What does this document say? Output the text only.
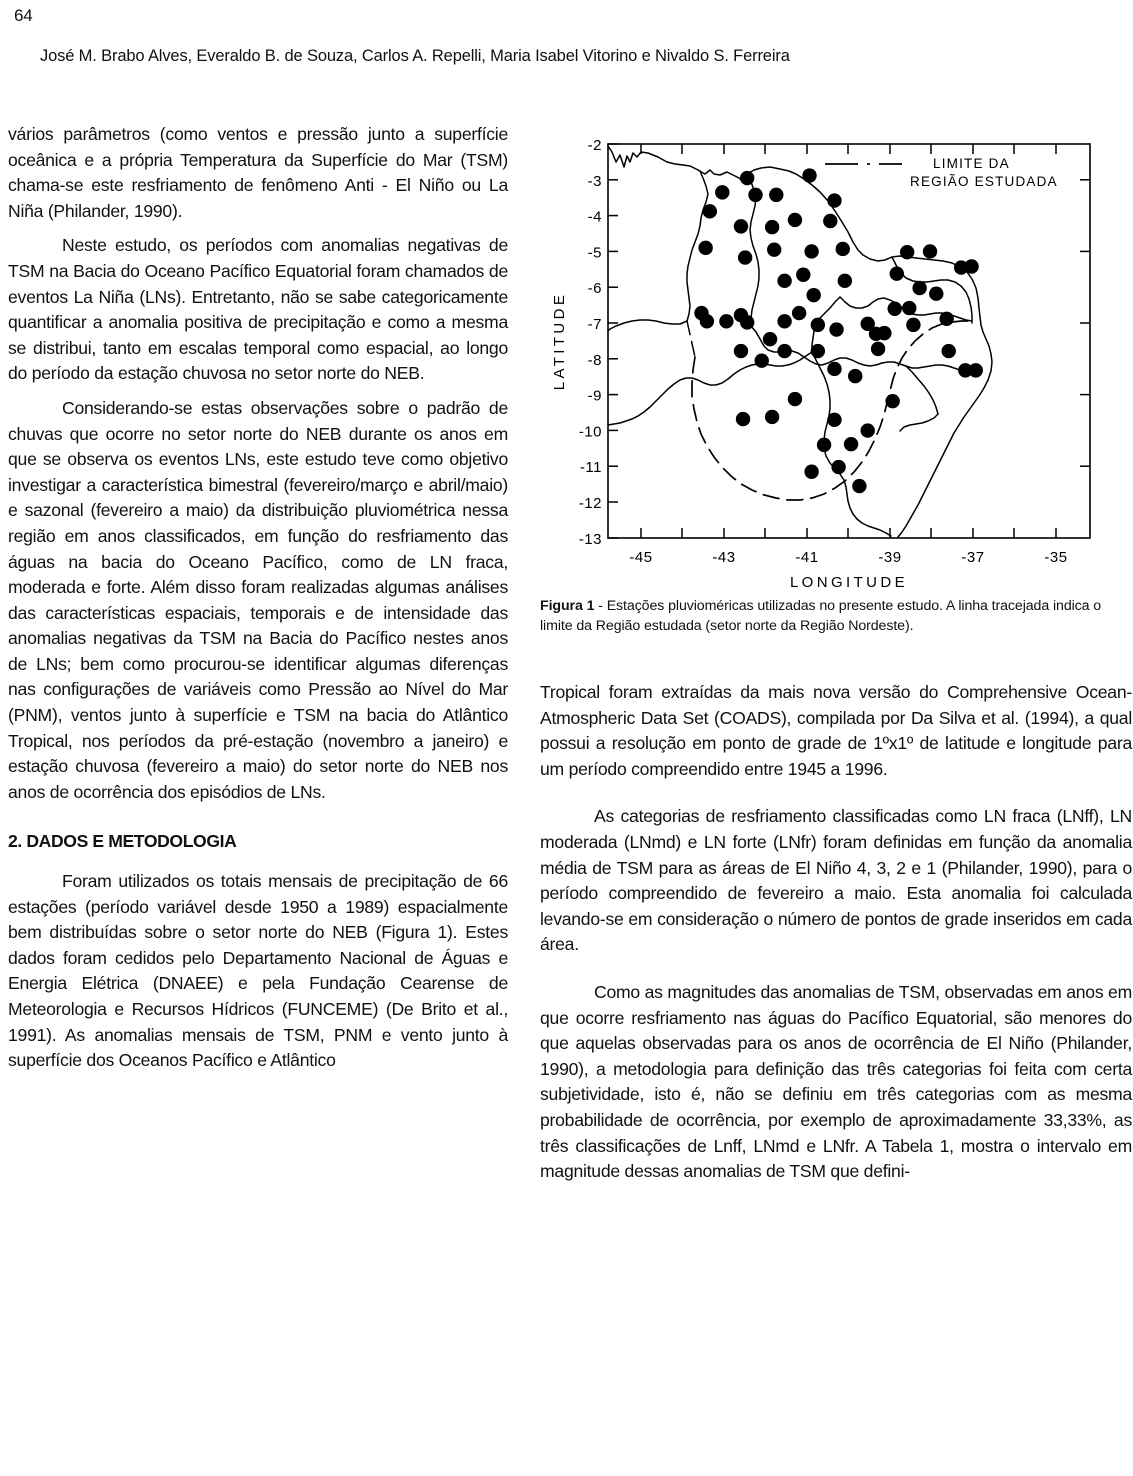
64
José M. Brabo Alves, Everaldo B. de Souza, Carlos A. Repelli, Maria Isabel Vitorino e Nivaldo S. Ferreira

vários parâmetros (como ventos e pressão junto a superfície oceânica e a própria Temperatura da Superfície do Mar (TSM) chama-se este resfriamento de fenômeno Anti - El Niño ou La Niña (Philander, 1990).

Neste estudo, os períodos com anomalias negativas de TSM na Bacia do Oceano Pacífico Equatorial foram chamados de eventos La Niña (LNs). Entretanto, não se sabe categoricamente quantificar a anomalia positiva de precipitação e como a mesma se distribui, tanto em escalas temporal como espacial, ao longo do período da estação chuvosa no setor norte do NEB.

Considerando-se estas observações sobre o padrão de chuvas que ocorre no setor norte do NEB durante os anos em que se observa os eventos LNs, este estudo teve como objetivo investigar a característica bimestral (fevereiro/março e abril/maio) e sazonal (fevereiro a maio) da distribuição pluviométrica nessa região em anos classificados, em função do resfriamento das águas na bacia do Oceano Pacífico, como de LN fraca, moderada e forte. Além disso foram realizadas algumas análises das características espaciais, temporais e de intensidade das anomalias negativas da TSM na Bacia do Pacífico nestes anos de LNs; bem como procurou-se identificar algumas diferenças nas configurações de variáveis como Pressão ao Nível do Mar (PNM), ventos junto à superfície e TSM na bacia do Atlântico Tropical, nos períodos da pré-estação (novembro a janeiro) e estação chuvosa (fevereiro a maio) do setor norte do NEB nos anos de ocorrência dos episódios de LNs.

2. DADOS E METODOLOGIA

Foram utilizados os totais mensais de precipitação de 66 estações (período variável desde 1950 a 1989) espacialmente bem distribuídas sobre o setor norte do NEB (Figura 1). Estes dados foram cedidos pelo Departamento Nacional de Águas e Energia Elétrica (DNAEE) e pela Fundação Cearense de Meteorologia e Recursos Hídricos (FUNCEME) (De Brito et al., 1991). As anomalias mensais de TSM, PNM e vento junto à superfície dos Oceanos Pacífico e Atlântico

-2
-3
-4
-5
-6
-7
-8
-9
-10
-11
-12
-13
-45	-43	-41	-39	-37	-35
LONGITUDE
LATITUDE
LIMITE DA
REGIÃO ESTUDADA
Figura 1 - Estações pluvioméricas utilizadas no presente estudo. A linha tracejada indica o limite da Região estudada (setor norte da Região Nordeste).

Tropical foram extraídas da mais nova versão do Comprehensive Ocean-Atmospheric Data Set (COADS), compilada por Da Silva et al. (1994), a qual possui a resolução em ponto de grade de 1ºx1º de latitude e longitude para um período compreendido entre 1945 a 1996.

As categorias de resfriamento classificadas como LN fraca (LNff), LN moderada (LNmd) e LN forte (LNfr) foram definidas em função da anomalia média de TSM para as áreas de El Niño 4, 3, 2 e 1 (Philander, 1990), para o período compreendido de fevereiro a maio. Esta anomalia foi calculada levando-se em consideração o número de pontos de grade inseridos em cada área.

Como as magnitudes das anomalias de TSM, observadas em anos em que ocorre resfriamento nas águas do Pacífico Equatorial, são menores do que aquelas observadas para os anos de ocorrência de El Niño (Philander, 1990), a metodologia para definição das três categorias foi feita com certa subjetividade, isto é, não se definiu em três categorias com as mesma probabilidade de ocorrência, por exemplo de aproximadamente 33,33%, as três classificações de Lnff, LNmd e LNfr. A Tabela 1, mostra o intervalo em magnitude dessas anomalias de TSM que defini-
